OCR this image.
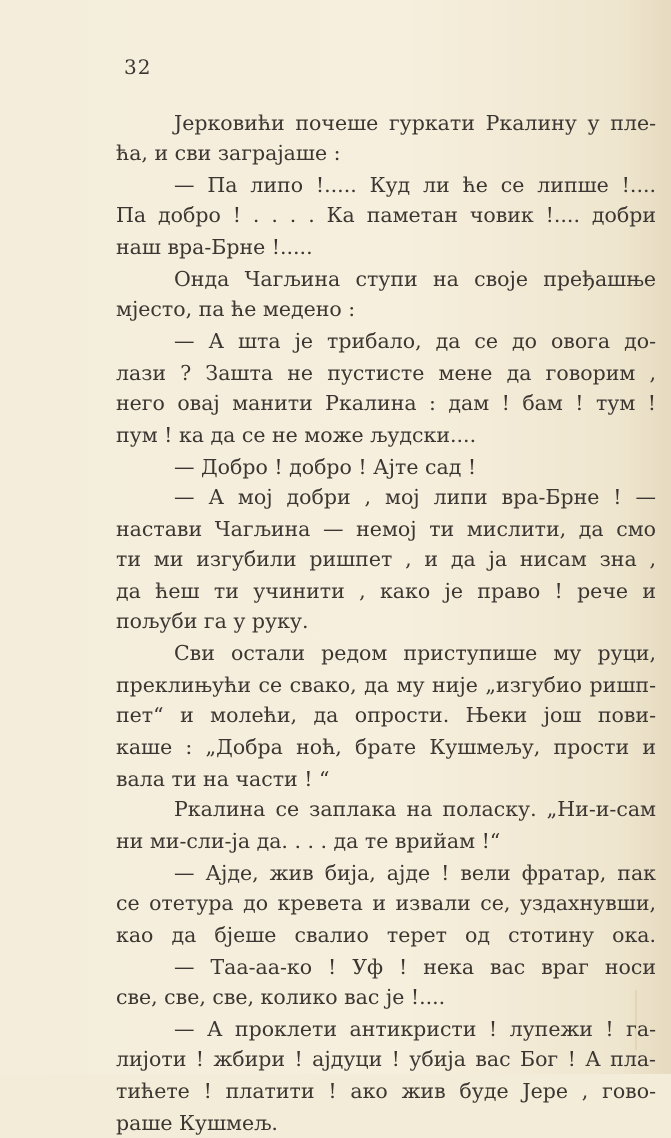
32
Јерковићи почеше гуркати Ркалину у пле-
ћа, и сви заграјаше :
— Па липо !..... Куд ли ће се липше !....
Па добро ! . . . . Ка паметан човик !.... добри
наш вра-Брне !.....
Онда Чагљина ступи на своје пређашње
мјесто, па ће медено :
— А шта је трибало, да се до овога до-
лази ? Зашта не пустисте мене да говорим ,
него овај манити Ркалина : дам ! бам ! тум !
пум ! ка да се не може људски....
— Добро ! добро ! Ајте сад !
— А мој добри , мој липи вра-Брне ! —
настави Чагљина — немој ти мислити, да смо
ти ми изгубили ришпет , и да ја нисам зна ,
да ћеш ти учинити , како је право ! рече и
пољуби га у руку.
Сви остали редом приступише му руци,
преклињући се свако, да му није „изгубио ришп-
пет“ и молећи, да опрости. Њеки још пови-
каше : „Добра ноћ, брате Кушмељу, прости и
вала ти на части ! “
Ркалина се заплака на поласку. „Ни-и-сам
ни ми-сли-ја да. . . . да те врийам !“
— Ајде, жив бија, ајде ! вели фратар, пак
се отетура до кревета и извали се, уздахнувши,
као да бјеше свалио терет од стотину ока.
— Таа-аа-ко ! Уф ! нека вас враг носи
све, све, све, колико вас је !....
— А проклети антикристи ! лупежи ! га-
лијоти ! жбири ! ајдуци ! убија вас Бог ! А пла-
тићете ! платити ! ако жив буде Јере , гово-
раше Кушмељ.
